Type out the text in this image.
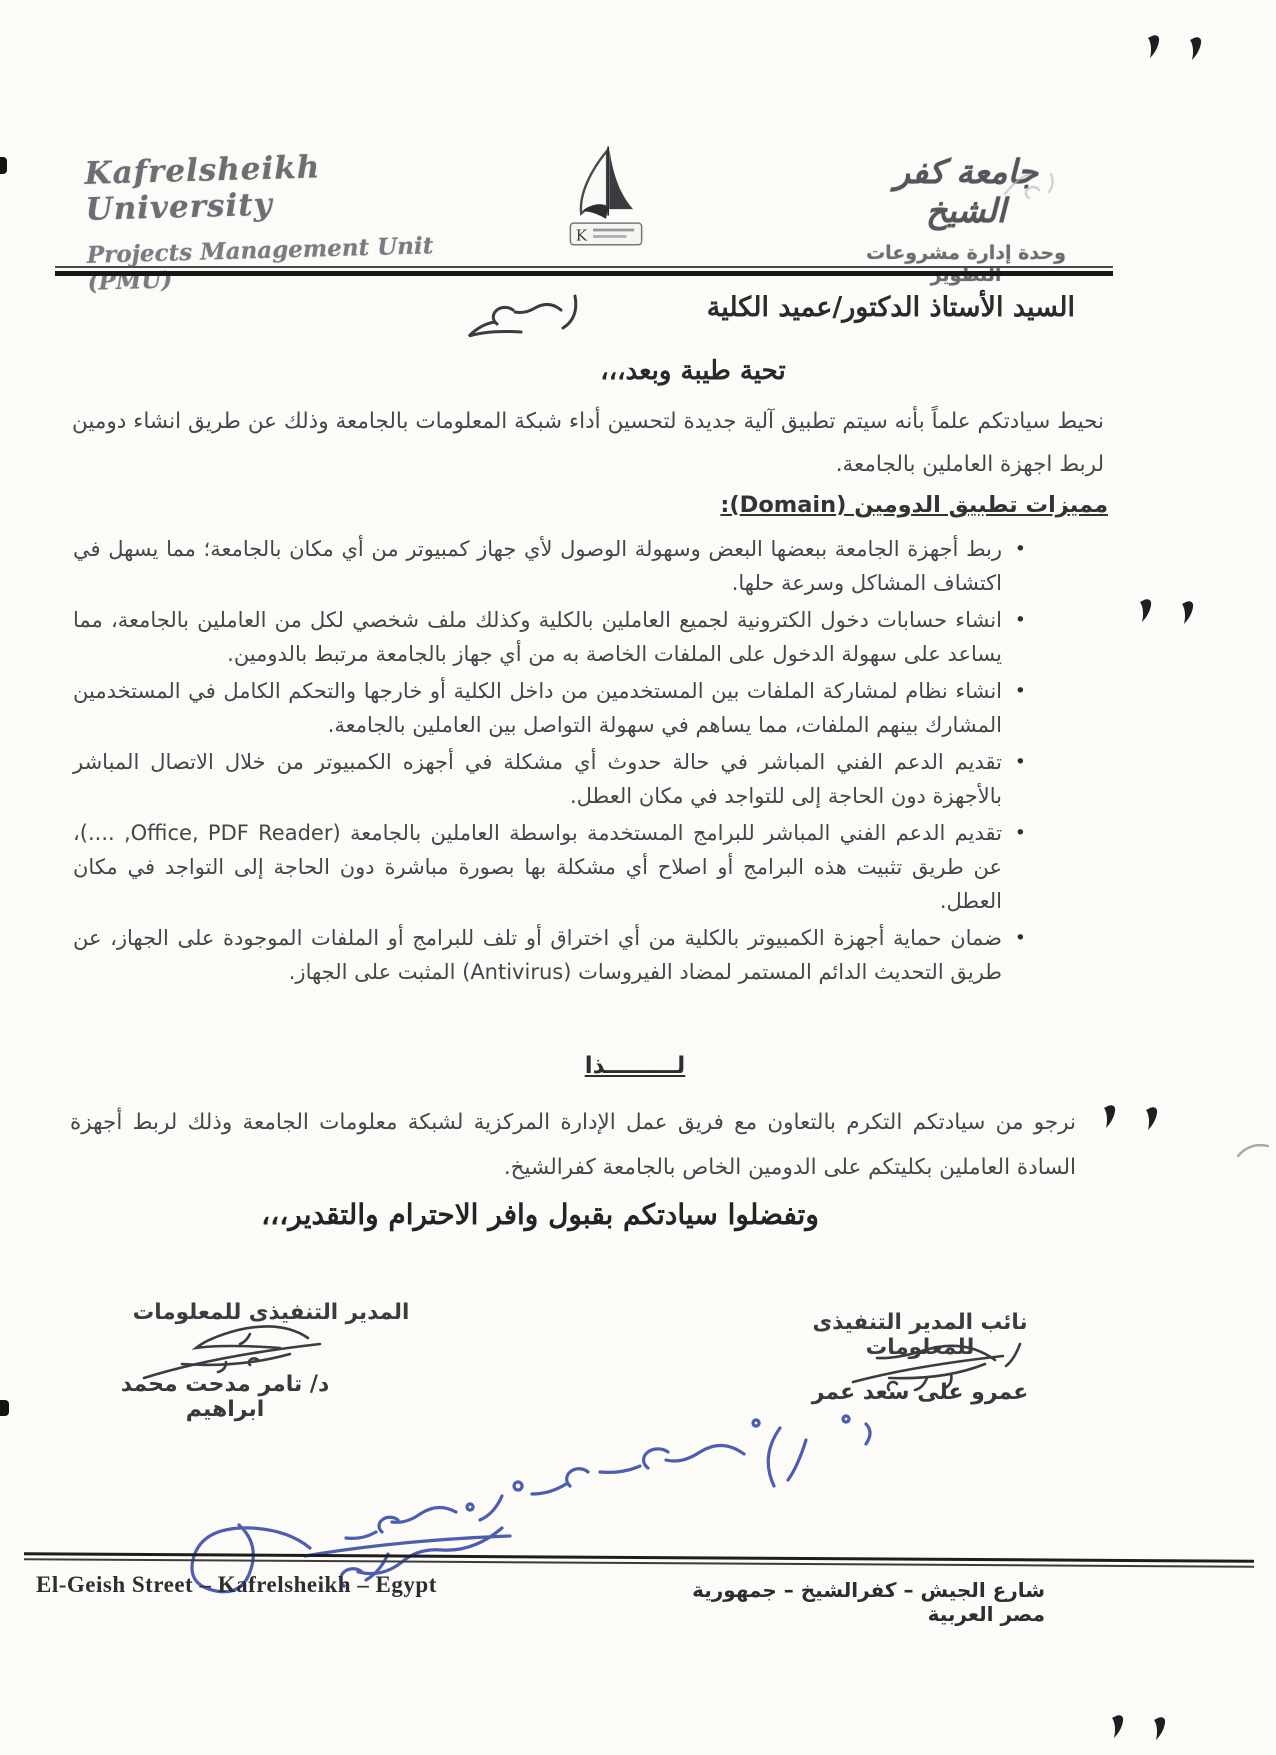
Kafrelsheikh University
Projects Management Unit (PMU)
K
جامعة كفر الشيخ
وحدة إدارة مشروعات التطوير
السيد الأستاذ الدكتور/عميد الكلية
تحية طيبة وبعد،،،
نحيط سيادتكم علماً بأنه سيتم تطبيق آلية جديدة لتحسين أداء شبكة المعلومات بالجامعة وذلك عن طريق انشاء دومين لربط اجهزة العاملين بالجامعة.
مميزات تطبيق الدومين (Domain):
•
ربط أجهزة الجامعة ببعضها البعض وسهولة الوصول لأي جهاز كمبيوتر من أي مكان بالجامعة؛ مما يسهل في اكتشاف المشاكل وسرعة حلها.
•
انشاء حسابات دخول الكترونية لجميع العاملين بالكلية وكذلك ملف شخصي لكل من العاملين بالجامعة، مما يساعد على سهولة الدخول على الملفات الخاصة به من أي جهاز بالجامعة مرتبط بالدومين.
•
انشاء نظام لمشاركة الملفات بين المستخدمين من داخل الكلية أو خارجها والتحكم الكامل في المستخدمين المشارك بينهم الملفات، مما يساهم في سهولة التواصل بين العاملين بالجامعة.
•
تقديم الدعم الفني المباشر في حالة حدوث أي مشكلة في أجهزه الكمبيوتر من خلال الاتصال المباشر بالأجهزة دون الحاجة إلى للتواجد في مكان العطل.
•
تقديم الدعم الفني المباشر للبرامج المستخدمة بواسطة العاملين بالجامعة (Office, PDF Reader, ....)، عن طريق تثبيت هذه البرامج أو اصلاح أي مشكلة بها بصورة مباشرة دون الحاجة إلى التواجد في مكان العطل.
•
ضمان حماية أجهزة الكمبيوتر بالكلية من أي اختراق أو تلف للبرامج أو الملفات الموجودة على الجهاز، عن طريق التحديث الدائم المستمر لمضاد الفيروسات (Antivirus) المثبت على الجهاز.
لـــــــــذا
نرجو من سيادتكم التكرم بالتعاون مع فريق عمل الإدارة المركزية لشبكة معلومات الجامعة وذلك لربط أجهزة السادة العاملين بكليتكم على الدومين الخاص بالجامعة كفرالشيخ.
وتفضلوا سيادتكم بقبول وافر الاحترام والتقدير،،،
نائب المدير التنفيذى للمعلومات
عمرو على سعد عمر
المدير التنفيذى للمعلومات
د/ تامر مدحت محمد ابراهيم
El-Geish Street – Kafrelsheikh – Egypt	شارع الجيش – كفرالشيخ – جمهورية مصر العربية
